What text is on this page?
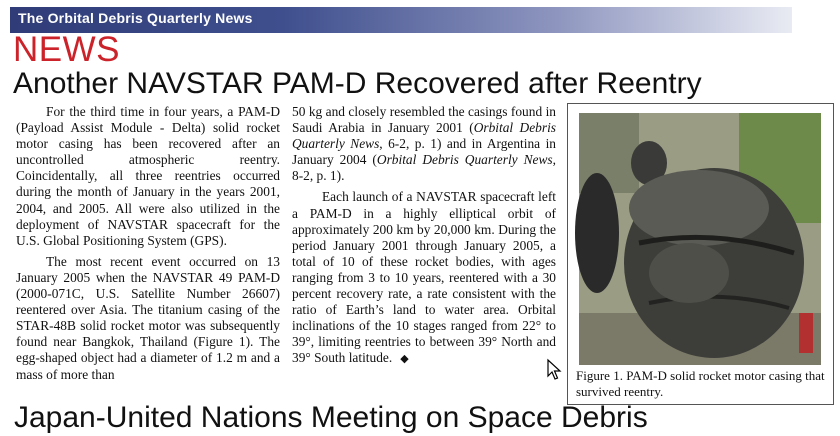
The Orbital Debris Quarterly News
NEWS
Another NAVSTAR PAM-D Recovered after Reentry

For the third time in four years, a PAM-D (Payload Assist Module - Delta) solid rocket motor casing has been recovered after an uncontrolled atmospheric reentry. Coincidentally, all three reentries occurred during the month of January in the years 2001, 2004, and 2005. All were also utilized in the deployment of NAVSTAR spacecraft for the U.S. Global Positioning System (GPS).

The most recent event occurred on 13 January 2005 when the NAVSTAR 49 PAM-D (2000-071C, U.S. Satellite Number 26607) reentered over Asia. The titanium casing of the STAR-48B solid rocket motor was subsequently found near Bangkok, Thailand (Figure 1). The egg-shaped object had a diameter of 1.2 m and a mass of more than

50 kg and closely resembled the casings found in Saudi Arabia in January 2001 (Orbital Debris Quarterly News, 6-2, p. 1) and in Argentina in January 2004 (Orbital Debris Quarterly News, 8-2, p. 1).

Each launch of a NAVSTAR spacecraft left a PAM-D in a highly elliptical orbit of approximately 200 km by 20,000 km. During the period January 2001 through January 2005, a total of 10 of these rocket bodies, with ages ranging from 3 to 10 years, reentered with a 30 percent recovery rate, a rate consistent with the ratio of Earth’s land to water area. Orbital inclinations of the 10 stages ranged from 22° to 39°, limiting reentries to between 39° North and 39° South latitude. ◆

Figure 1. PAM-D solid rocket motor casing that survived reentry.
Japan-United Nations Meeting on Space Debris
